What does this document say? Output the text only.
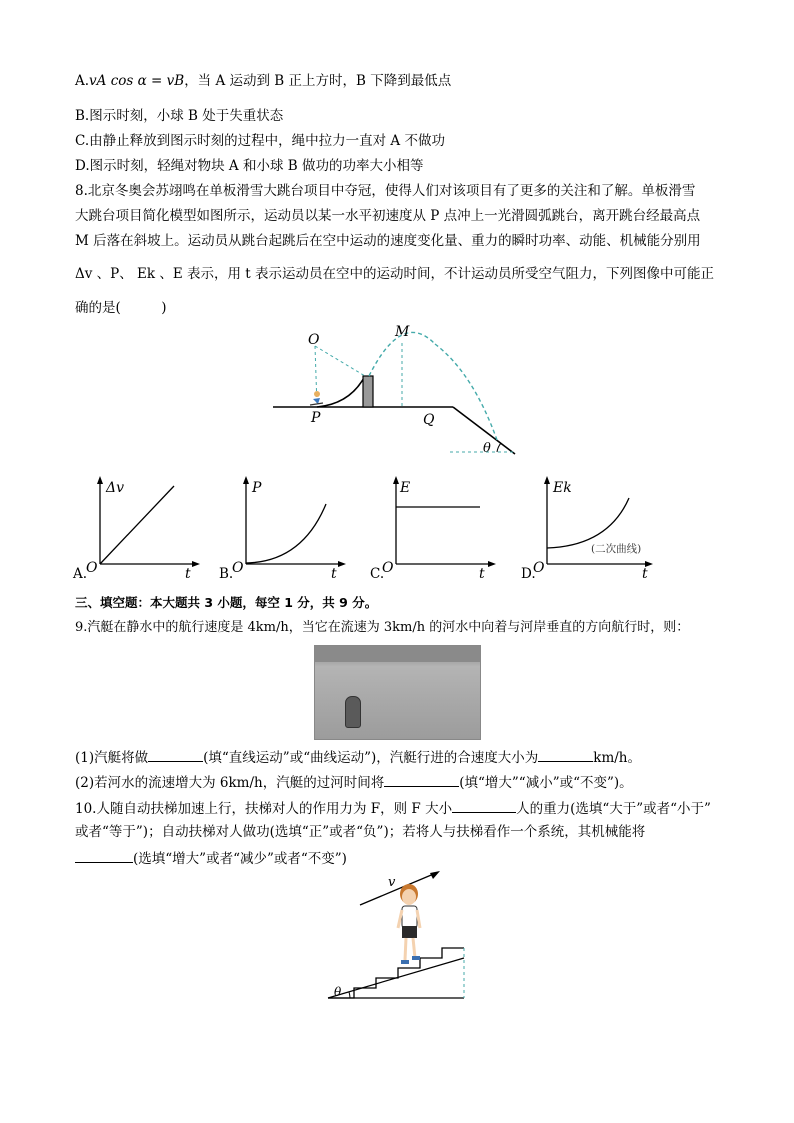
A.vA cos α = vB，当 A 运动到 B 正上方时，B 下降到最低点
B.图示时刻，小球 B 处于失重状态
C.由静止释放到图示时刻的过程中，绳中拉力一直对 A 不做功
D.图示时刻，轻绳对物块 A 和小球 B 做功的功率大小相等
8.北京冬奥会苏翊鸣在单板滑雪大跳台项目中夺冠，使得人们对该项目有了更多的关注和了解。单板滑雪
大跳台项目简化模型如图所示，运动员以某一水平初速度从 P 点冲上一光滑圆弧跳台，离开跳台经最高点
M 后落在斜坡上。运动员从跳台起跳后在空中运动的速度变化量、重力的瞬时功率、动能、机械能分别用
Δv 、P、 Ek 、E 表示，用 t 表示运动员在空中的运动时间，不计运动员所受空气阻力，下列图像中可能正
确的是(　　　)
O	M
P	Q
θ
A.
Δv
t
O	B.
P
t
O	C.
E
t
O	D.
Ek
t
O
(二次曲线)
三、填空题：本大题共 3 小题，每空 1 分，共 9 分。
9.汽艇在静水中的航行速度是 4km/h，当它在流速为 3km/h 的河水中向着与河岸垂直的方向航行时，则：
(1)汽艇将做	(填“直线运动”或“曲线运动”)，汽艇行进的合速度大小为	km/h。
(2)若河水的流速增大为 6km/h，汽艇的过河时间将	(填“增大”“减小”或“不变”)。
10.人随自动扶梯加速上行，扶梯对人的作用力为 F，则 F 大小	人的重力(选填“大于”或者“小于”
或者“等于”)；自动扶梯对人做功(选填“正”或者“负”)；若将人与扶梯看作一个系统，其机械能将
(选填“增大”或者“减少”或者“不变”)
v
θ
